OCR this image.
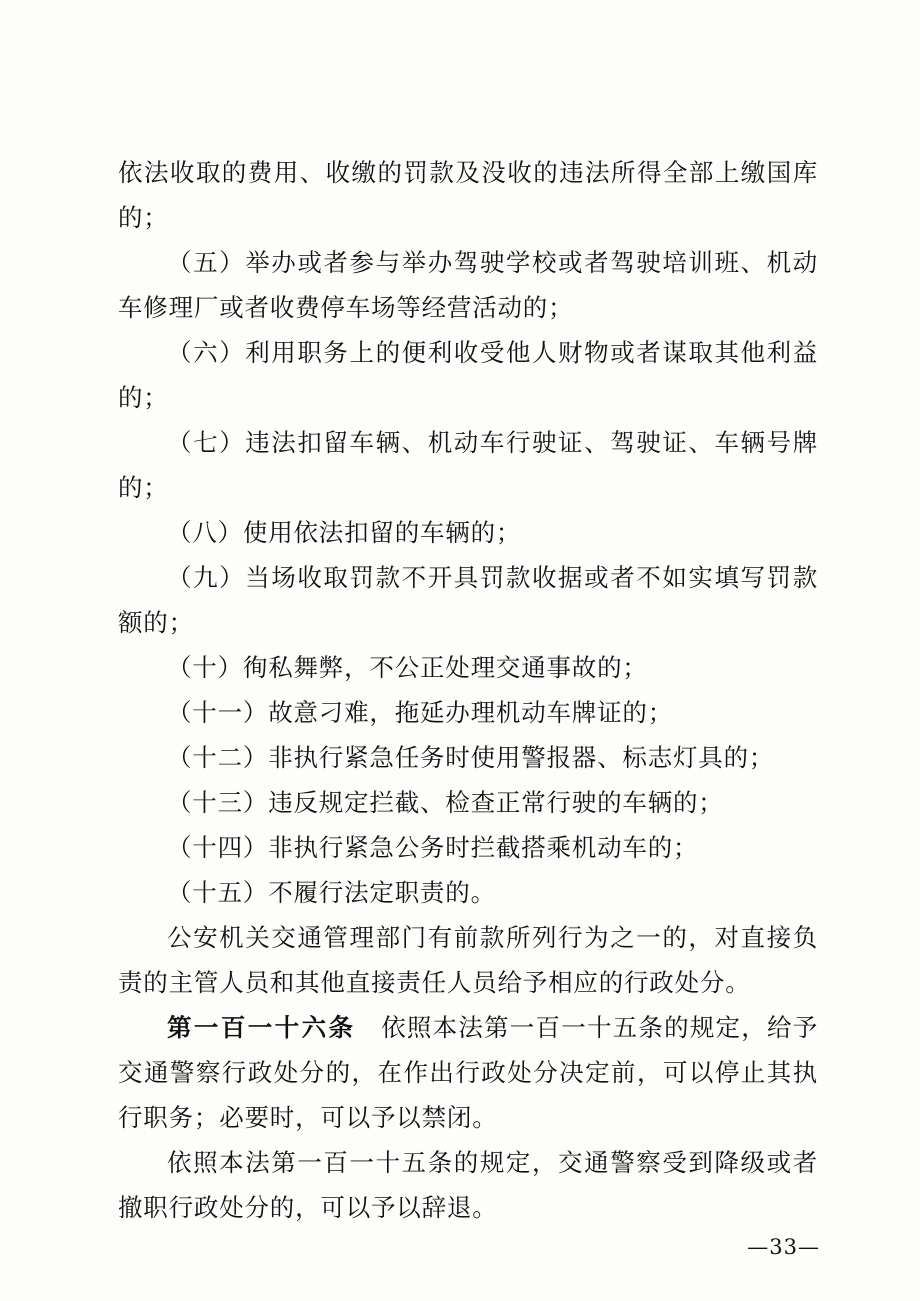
依法收取的费用、收缴的罚款及没收的违法所得全部上缴国库的；

（五）举办或者参与举办驾驶学校或者驾驶培训班、机动车修理厂或者收费停车场等经营活动的；

（六）利用职务上的便利收受他人财物或者谋取其他利益的；

（七）违法扣留车辆、机动车行驶证、驾驶证、车辆号牌的；

（八）使用依法扣留的车辆的；

（九）当场收取罚款不开具罚款收据或者不如实填写罚款额的；

（十）徇私舞弊，不公正处理交通事故的；

（十一）故意刁难，拖延办理机动车牌证的；

（十二）非执行紧急任务时使用警报器、标志灯具的；

（十三）违反规定拦截、检查正常行驶的车辆的；

（十四）非执行紧急公务时拦截搭乘机动车的；

（十五）不履行法定职责的。

公安机关交通管理部门有前款所列行为之一的，对直接负责的主管人员和其他直接责任人员给予相应的行政处分。

第一百一十六条　 依照本法第一百一十五条的规定，给予交通警察行政处分的，在作出行政处分决定前，可以停止其执行职务；必要时，可以予以禁闭。

依照本法第一百一十五条的规定，交通警察受到降级或者撤职行政处分的，可以予以辞退。

—33—
